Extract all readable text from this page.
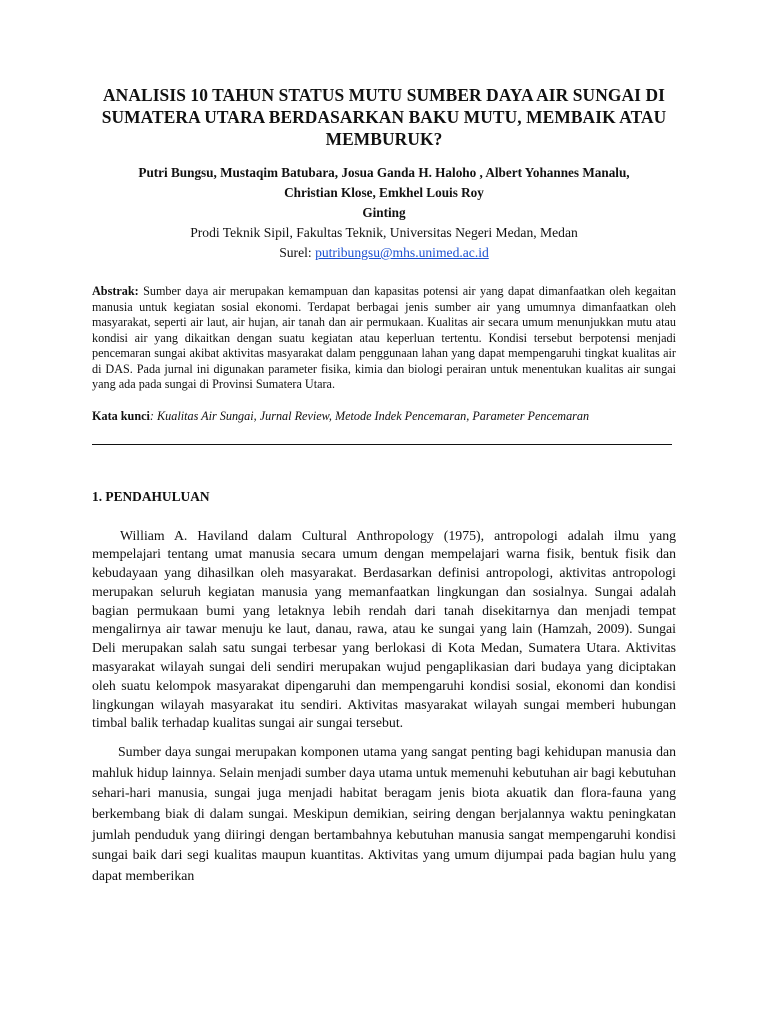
ANALISIS 10 TAHUN STATUS MUTU SUMBER DAYA AIR SUNGAI DI SUMATERA UTARA BERDASARKAN BAKU MUTU, MEMBAIK ATAU MEMBURUK?
Putri Bungsu, Mustaqim Batubara, Josua Ganda H. Haloho , Albert Yohannes Manalu,
Christian Klose, Emkhel Louis Roy
Ginting
Prodi Teknik Sipil, Fakultas Teknik, Universitas Negeri Medan, Medan
Surel: putribungsu@mhs.unimed.ac.id
Abstrak: Sumber daya air merupakan kemampuan dan kapasitas potensi air yang dapat dimanfaatkan oleh kegaitan manusia untuk kegiatan sosial ekonomi. Terdapat berbagai jenis sumber air yang umumnya dimanfaatkan oleh masyarakat, seperti air laut, air hujan, air tanah dan air permukaan. Kualitas air secara umum menunjukkan mutu atau kondisi air yang dikaitkan dengan suatu kegiatan atau keperluan tertentu. Kondisi tersebut berpotensi menjadi pencemaran sungai akibat aktivitas masyarakat dalam penggunaan lahan yang dapat mempengaruhi tingkat kualitas air di DAS. Pada jurnal ini digunakan parameter fisika, kimia dan biologi perairan untuk menentukan kualitas air sungai yang ada pada sungai di Provinsi Sumatera Utara.
Kata kunci: Kualitas Air Sungai, Jurnal Review, Metode Indek Pencemaran, Parameter Pencemaran
1. PENDAHULUAN

William A. Haviland dalam Cultural Anthropology (1975), antropologi adalah ilmu yang mempelajari tentang umat manusia secara umum dengan mempelajari warna fisik, bentuk fisik dan kebudayaan yang dihasilkan oleh masyarakat. Berdasarkan definisi antropologi, aktivitas antropologi merupakan seluruh kegiatan manusia yang memanfaatkan lingkungan dan sosialnya. Sungai adalah bagian permukaan bumi yang letaknya lebih rendah dari tanah disekitarnya dan menjadi tempat mengalirnya air tawar menuju ke laut, danau, rawa, atau ke sungai yang lain (Hamzah, 2009). Sungai Deli merupakan salah satu sungai terbesar yang berlokasi di Kota Medan, Sumatera Utara. Aktivitas masyarakat wilayah sungai deli sendiri merupakan wujud pengaplikasian dari budaya yang diciptakan oleh suatu kelompok masyarakat dipengaruhi dan mempengaruhi kondisi sosial, ekonomi dan kondisi lingkungan wilayah masyarakat itu sendiri. Aktivitas masyarakat wilayah sungai memberi hubungan timbal balik terhadap kualitas sungai air sungai tersebut.

Sumber daya sungai merupakan komponen utama yang sangat penting bagi kehidupan manusia dan mahluk hidup lainnya. Selain menjadi sumber daya utama untuk memenuhi kebutuhan air bagi kebutuhan sehari-hari manusia, sungai juga menjadi habitat beragam jenis biota akuatik dan flora-fauna yang berkembang biak di dalam sungai. Meskipun demikian, seiring dengan berjalannya waktu peningkatan jumlah penduduk yang diiringi dengan bertambahnya kebutuhan manusia sangat mempengaruhi kondisi sungai baik dari segi kualitas maupun kuantitas. Aktivitas yang umum dijumpai pada bagian hulu yang dapat memberikan
